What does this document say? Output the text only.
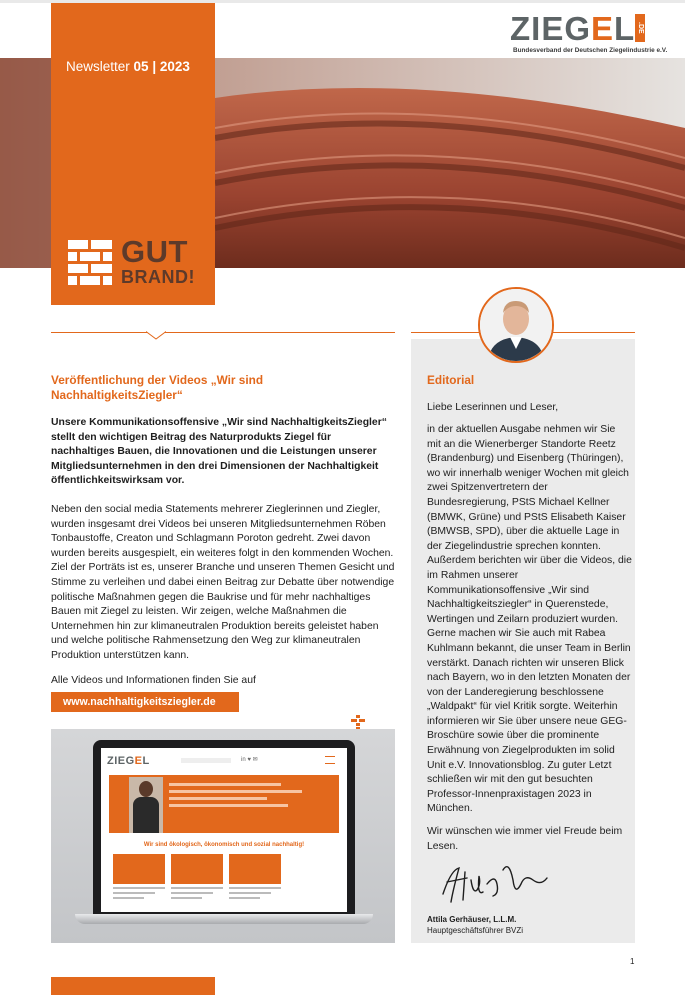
ZIEGEL .DE
Bundesverband der Deutschen Ziegelindustrie e.V.
Newsletter 05 | 2023
GUT
BRAND!
Veröffentlichung der Videos „Wir sind NachhaltigkeitsZiegler“
Unsere Kommunikationsoffensive „Wir sind NachhaltigkeitsZiegler“ stellt den wichtigen Beitrag des Naturprodukts Ziegel für nachhaltiges Bauen, die Innovationen und die Leistungen unserer Mitgliedsunternehmen in den drei Dimensionen der Nachhaltigkeit öffentlichkeitswirksam vor.
Neben den social media Statements mehrerer Zieglerinnen und Ziegler, wurden insgesamt drei Videos bei unseren Mitgliedsunternehmen Röben Tonbaustoffe, Creaton und Schlagmann Poroton gedreht. Zwei davon wurden bereits ausgespielt, ein weiteres folgt in den kommenden Wochen. Ziel der Porträts ist es, unserer Branche und unseren Themen Gesicht und Stimme zu verleihen und dabei einen Beitrag zur Debatte über notwendige politische Maßnahmen gegen die Baukrise und für mehr nachhaltiges Bauen mit Ziegel zu leisten. Wir zeigen, welche Maßnahmen die Unternehmen hin zur klimaneutralen Produktion bereits geleistet haben und welche politische Rahmensetzung den Weg zur klimaneutralen Produktion unterstützen kann.
Alle Videos und Informationen finden Sie auf
www.nachhaltigkeitsziegler.de
ZIEGEL	in ♥ ✉
Wir sind ökologisch, ökonomisch und sozial nachhaltig!
Editorial
Liebe Leserinnen und Leser,
in der aktuellen Ausgabe nehmen wir Sie mit an die Wienerberger Standorte Reetz (Brandenburg) und Eisenberg (Thüringen), wo wir innerhalb weniger Wochen mit gleich zwei Spitzenvertretern der Bundesregierung, PStS Michael Kellner (BMWK, Grüne) und PStS Elisabeth Kaiser (BMWSB, SPD), über die aktuelle Lage in der Ziegelindustrie sprechen konnten. Außerdem berichten wir über die Videos, die im Rahmen unserer Kommunikationsoffensive „Wir sind Nachhaltigkeitsziegler“ in Querenstede, Wertingen und Zeilarn produziert wurden. Gerne machen wir Sie auch mit Rabea Kuhlmann bekannt, die unser Team in Berlin verstärkt. Danach richten wir unseren Blick nach Bayern, wo in den letzten Monaten der von der Landeregierung beschlossene „Waldpakt“ für viel Kritik sorgte. Weiterhin informieren wir Sie über unsere neue GEG-Broschüre sowie über die prominente Erwähnung von Ziegelprodukten im solid Unit e.V. Innovationsblog. Zu guter Letzt schließen wir mit den gut besuchten Professor-Innenpraxistagen 2023 in München.
Wir wünschen wie immer viel Freude beim Lesen.
Attila Gerhäuser, L.L.M.
Hauptgeschäftsführer BVZi
1
